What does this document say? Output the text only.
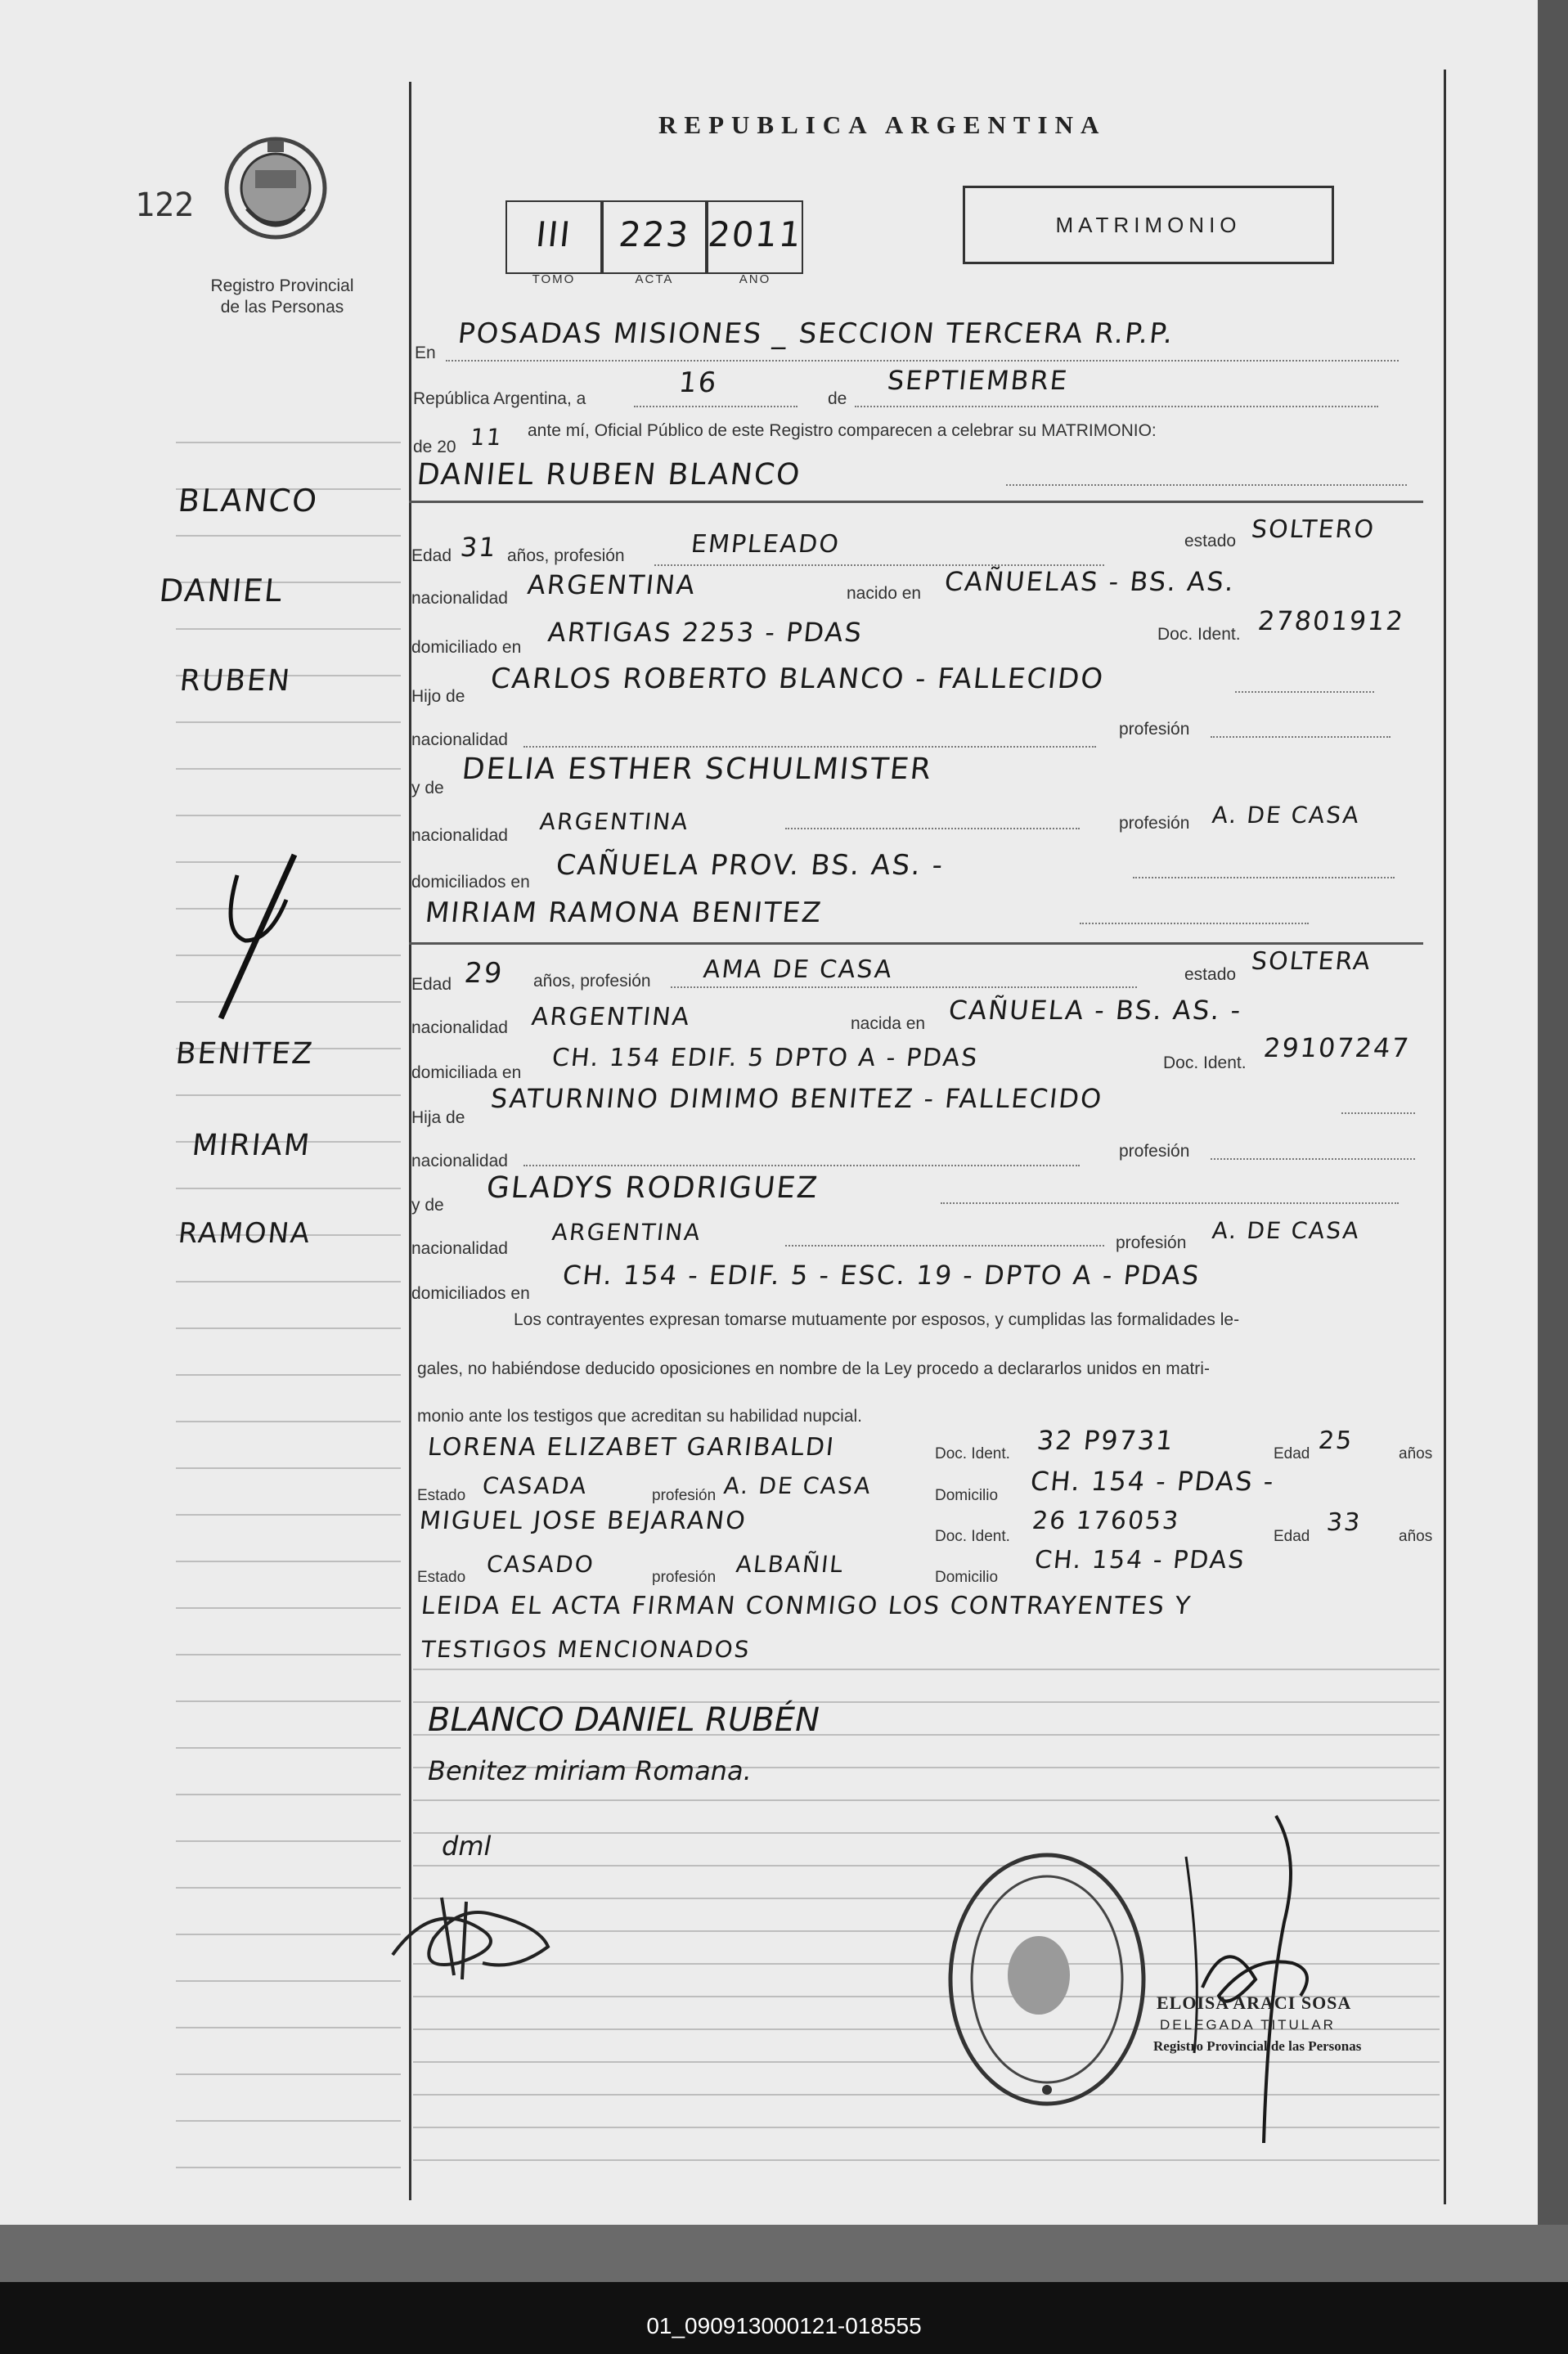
01_090913000121-018555
122
Registro Provincial
de las Personas
REPUBLICA ARGENTINA
MATRIMONIO
III	223 2011
TOMO	ACTA	AÑO
En
POSADAS MISIONES _ SECCION TERCERA R.P.P.
República Argentina, a	16	de
SEPTIEMBRE
de 20 11 ante mí, Oficial Público de este Registro comparecen a celebrar su MATRIMONIO:
DANIEL RUBEN BLANCO
Edad 31 años, profesión	EMPLEADO	estado SOLTERO
nacionalidad ARGENTINA	nacido en CAÑUELAS - BS. AS.
domiciliado en ARTIGAS 2253 - PDAS	Doc. Ident. 27801912
Hijo de
CARLOS ROBERTO BLANCO - FALLECIDO
nacionalidad
profesión
y de
DELIA ESTHER SCHULMISTER
nacionalidad
ARGENTINA	profesión A. DE CASA
domiciliados en
CAÑUELA PROV. BS. AS. -
MIRIAM RAMONA BENITEZ
Edad 29 años, profesión AMA DE CASA	estado SOLTERA
nacionalidad ARGENTINA	nacida en CAÑUELA - BS. AS. -
domiciliada en
CH. 154 EDIF. 5 DPTO A - PDAS	Doc. Ident. 29107247
Hija de
SATURNINO DIMIMO BENITEZ - FALLECIDO
nacionalidad
profesión
y de
GLADYS RODRIGUEZ
nacionalidad
ARGENTINA	profesión A. DE CASA
domiciliados en
CH. 154 - EDIF. 5 - ESC. 19 - DPTO A - PDAS
Los contrayentes expresan tomarse mutuamente por esposos, y cumplidas las formalidades le-
gales, no habiéndose deducido oposiciones en nombre de la Ley procedo a declararlos unidos en matri-
monio ante los testigos que acreditan su habilidad nupcial.
LORENA ELIZABET GARIBALDI	Doc. Ident. 32 P9731	Edad 25	años
Estado CASADA	profesión A. DE CASA	Domicilio CH. 154 - PDAS -
MIGUEL JOSE BEJARANO
Doc. Ident.
26 176053
Edad 33 años
Estado CASADO	profesión ALBAÑIL	Domicilio
CH. 154 - PDAS
LEIDA EL ACTA FIRMAN CONMIGO LOS CONTRAYENTES Y
TESTIGOS MENCIONADOS
BLANCO DANIEL RUBÉN
Benitez miriam Romana.
dml
ELOISA ARACI SOSA
DELEGADA TITULAR
Registro Provincial de las Personas
BLANCO
DANIEL
RUBEN
BENITEZ
MIRIAM
RAMONA
